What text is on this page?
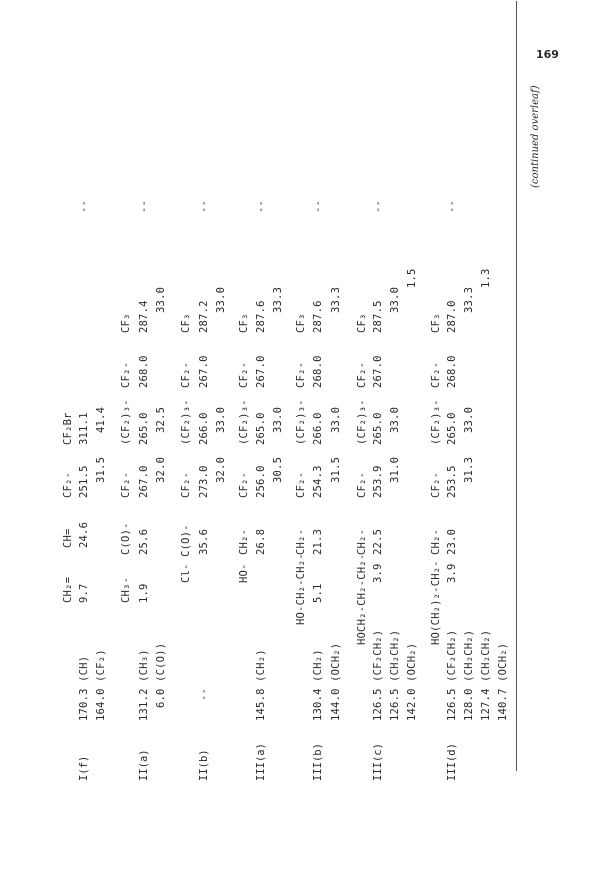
169
(continued overleaf)
I(f)
170.3 (CH) 164.0 (CF₂)
CH₂= 9.7
CH= 24.6
CF₂- 251.5 31.5
CF₂Br 311.1 41.4
--
II(a)
131.2 (CH₃) 6.0 (C(O))
CH₃- 1.9
C(O)- 25.6
CF₂- 267.0 32.0
(CF₂)₃- 265.0 32.5
CF₂- 268.0
CF₃ 287.4
33.0
--
II(b)
--
Cl- C(O)- 35.6
CF₂- 273.0 32.0
(CF₂)₃- 266.0 33.0
CF₂- 267.0
CF₃ 287.2
33.0
--
III(a)
145.8 (CH₂)
HO-
CH₂- 26.8
CF₂- 256.0 30.5
(CF₂)₃- 265.0 33.0
CF₂- 267.0
CF₃ 287.6
33.3
--
III(b)
130.4 (CH₂) 144.0 (OCH₂)
HO-CH₂-CH₂- 5.1
CH₂- 21.3
CF₂- 254.3 31.5
(CF₂)₃- 266.0 33.0
CF₂- 268.0
CF₃ 287.6
33.3
--
III(c)
126.5 (CF₂CH₂) 126.5 (CH₂CH₂) 142.0 (OCH₂)
HOCH₂-CH₂-CH₂- 3.9
CH₂- 22.5
CF₂- 253.9 31.0
(CF₂)₃- 265.0 33.0
CF₂- 267.0
CF₃ 287.5
33.0
1.5
--
III(d)
126.5 (CF₂CH₂) 128.0 (CH₂CH₂) 127.4 (CH₂CH₂) 140.7 (OCH₂)
HO(CH₂)₂-CH₂- 3.9
CH₂- 23.0
CF₂- 253.5 31.3
(CF₂)₃- 265.0 33.0
CF₂- 268.0
CF₃ 287.0
33.3
1.3
--
